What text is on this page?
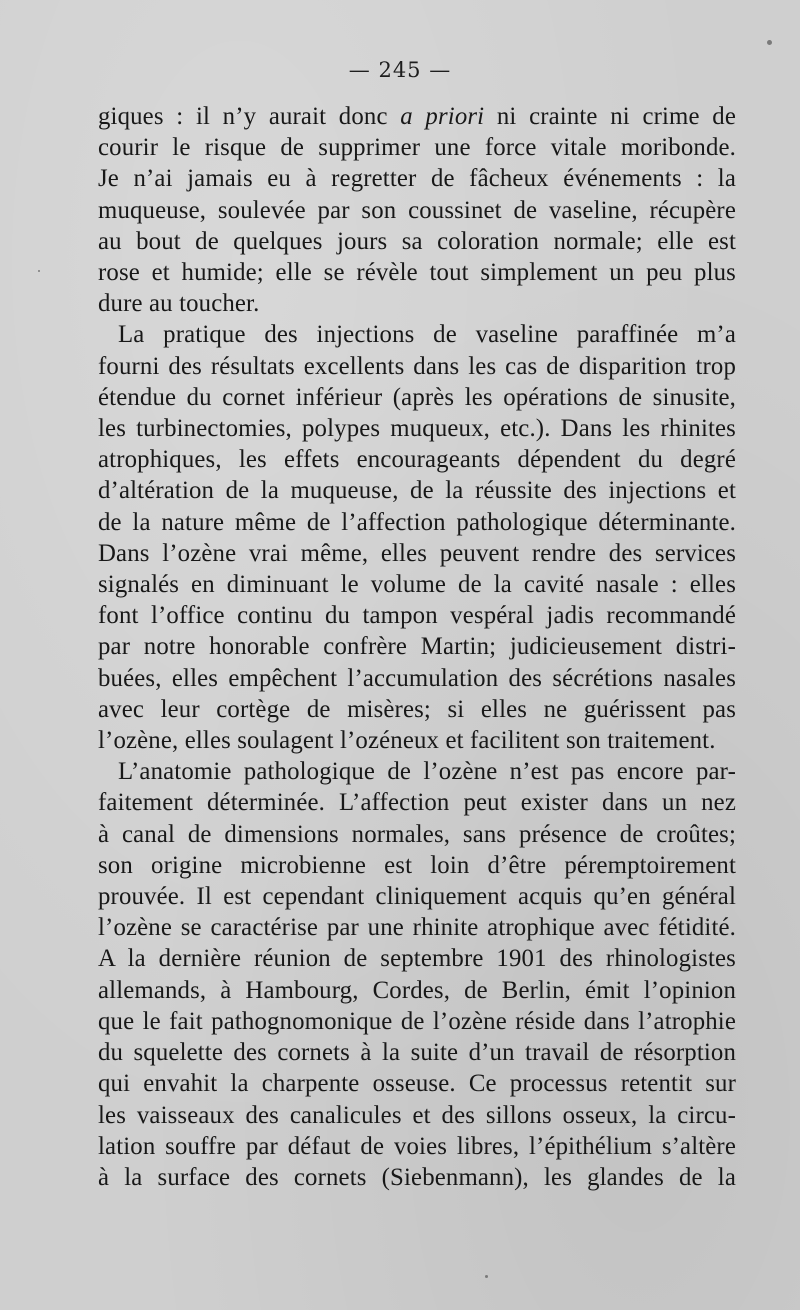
— 245 —
giques : il n’y aurait donc a priori ni crainte ni crime de
courir le risque de supprimer une force vitale moribonde.
Je n’ai jamais eu à regretter de fâcheux événements : la
muqueuse, soulevée par son coussinet de vaseline, récupère
au bout de quelques jours sa coloration normale; elle est
rose et humide; elle se révèle tout simplement un peu plus
dure au toucher.
La pratique des injections de vaseline paraffinée m’a
fourni des résultats excellents dans les cas de disparition trop
étendue du cornet inférieur (après les opérations de sinusite,
les turbinectomies, polypes muqueux, etc.). Dans les rhinites
atrophiques, les effets encourageants dépendent du degré
d’altération de la muqueuse, de la réussite des injections et
de la nature même de l’affection pathologique déterminante.
Dans l’ozène vrai même, elles peuvent rendre des services
signalés en diminuant le volume de la cavité nasale : elles
font l’office continu du tampon vespéral jadis recommandé
par notre honorable confrère Martin; judicieusement distri-
buées, elles empêchent l’accumulation des sécrétions nasales
avec leur cortège de misères; si elles ne guérissent pas
l’ozène, elles soulagent l’ozéneux et facilitent son traitement.
L’anatomie pathologique de l’ozène n’est pas encore par-
faitement déterminée. L’affection peut exister dans un nez
à canal de dimensions normales, sans présence de croûtes;
son origine microbienne est loin d’être péremptoirement
prouvée. Il est cependant cliniquement acquis qu’en général
l’ozène se caractérise par une rhinite atrophique avec fétidité.
A la dernière réunion de septembre 1901 des rhinologistes
allemands, à Hambourg, Cordes, de Berlin, émit l’opinion
que le fait pathognomonique de l’ozène réside dans l’atrophie
du squelette des cornets à la suite d’un travail de résorption
qui envahit la charpente osseuse. Ce processus retentit sur
les vaisseaux des canalicules et des sillons osseux, la circu-
lation souffre par défaut de voies libres, l’épithélium s’altère
à la surface des cornets (Siebenmann), les glandes de la
